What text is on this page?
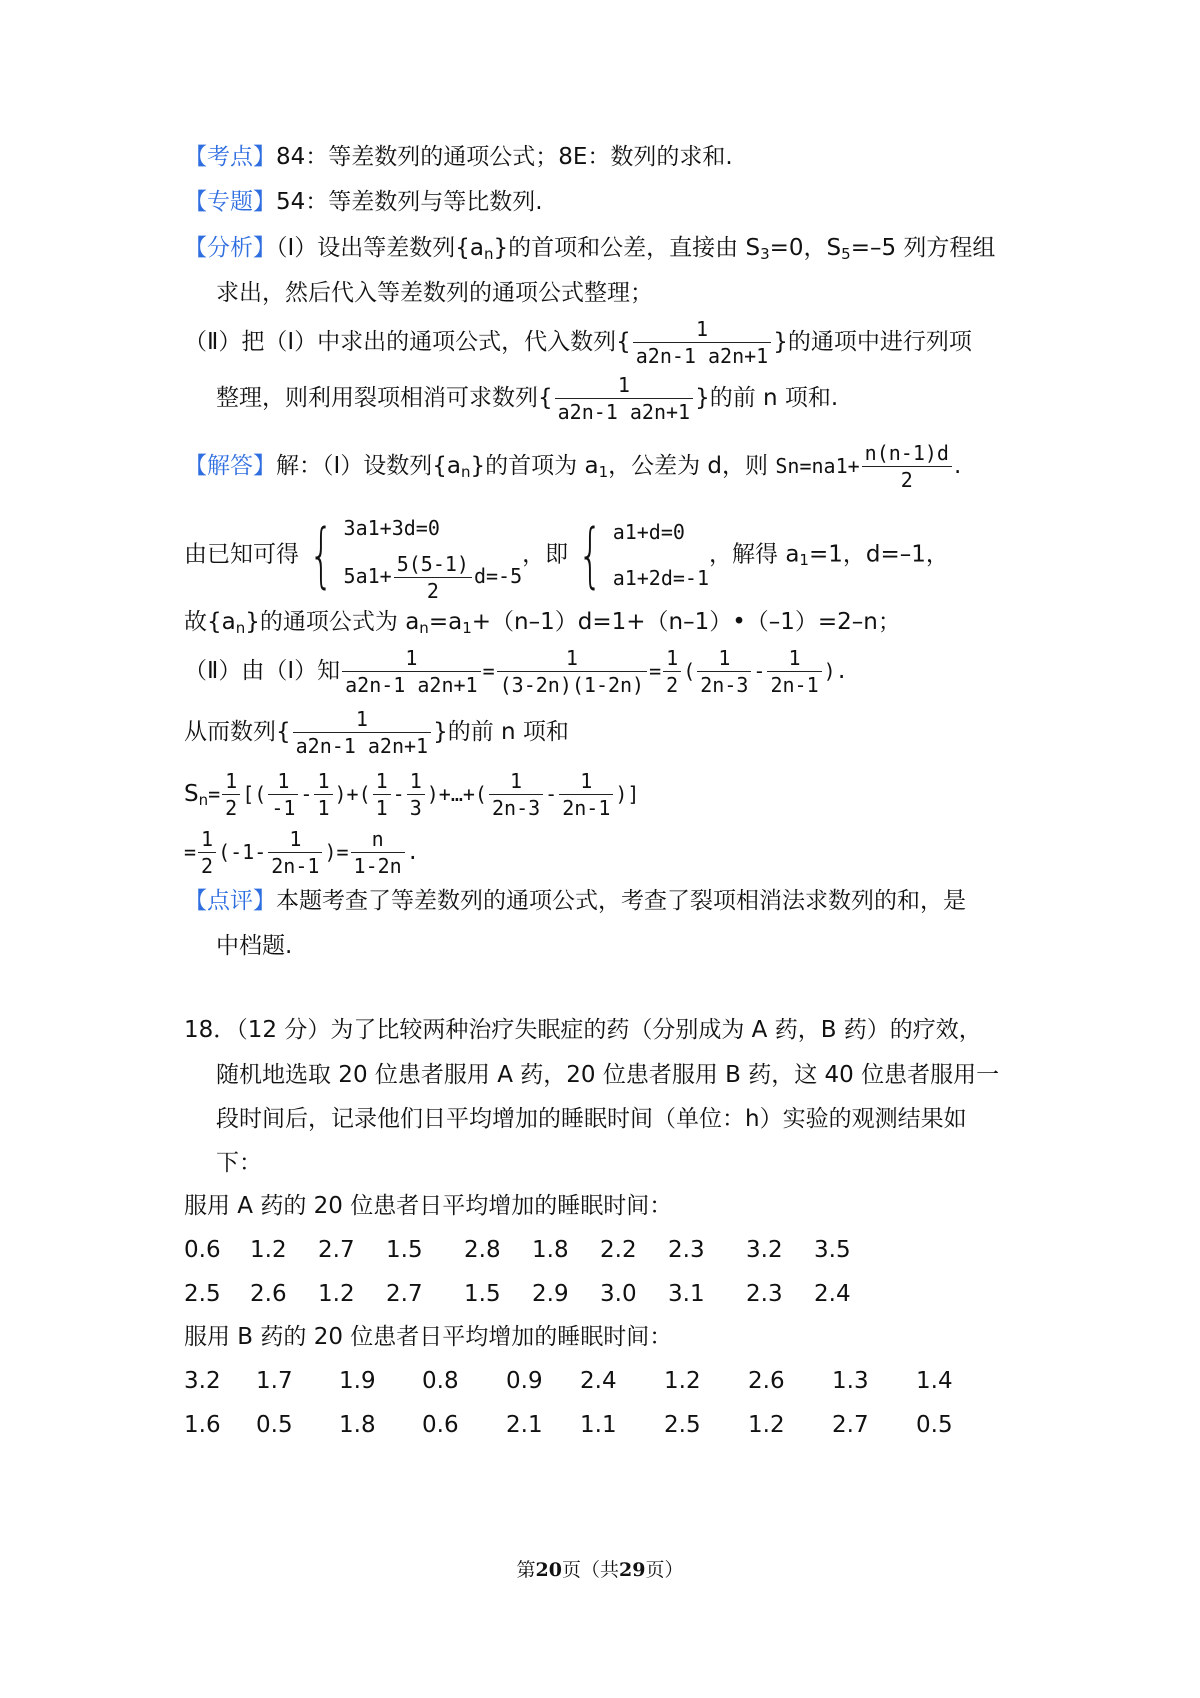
【考点】84：等差数列的通项公式；8E：数列的求和.
【专题】54：等差数列与等比数列.
【分析】（Ⅰ）设出等差数列$\{a_n\}$的首项和公差，直接由 $S_3=0$，$S_5=-5$ 列方程组
求出，然后代入等差数列的通项公式整理；
（Ⅱ）把（Ⅰ）中求出的通项公式，代入数列{ $\frac{1}{a2n-1 a2n+1}$ }的通项中进行列项
整理，则利用裂项相消可求数列{ $\frac{1}{a2n-1 a2n+1}$ }的前 n 项和.
【解答】解：（Ⅰ）设数列$\{a_n\}$的首项为 $a_1$，公差为 d，则 $Sn=na1+ \frac{n(n-1)d}{2}$ .
由已知可得 { 3a1+3d=0
$5a1+ \frac{5(5-1)}{2} d=-5$
，即 { a1+d=0
a1+2d=-1
，解得 $a_1=1$，d=–1，
故$\{a_n\}$的通项公式为 $a_n=a_1+(n-1)d=1+(n-1)•(-1)=2-n$；
（Ⅱ）由（Ⅰ）知 $\frac{1}{a2n-1 a2n+1} = \frac{1}{(3-2n)(1-2n)} = \frac{1}{2}$ ( $\frac{1}{2n-3} - \frac{1}{2n-1}$ ).
从而数列{ $\frac{1}{a2n-1 a2n+1}$ }的前 n 项和
$S_n= \frac{1}{2}$ [( $\frac{1}{-1} - \frac{1}{1}$ )+( $\frac{1}{1} - \frac{1}{3}$ )+…+( $\frac{1}{2n-3} - \frac{1}{2n-1}$ )]
= $\frac{1}{2} (-1- \frac{1}{2n-1}$ )= $\frac{n}{1-2n}$ .
【点评】本题考查了等差数列的通项公式，考查了裂项相消法求数列的和，是
中档题.
18．（12 分）为了比较两种治疗失眠症的药（分别成为 A 药，B 药）的疗效，
随机地选取 20 位患者服用 A 药，20 位患者服用 B 药，这 40 位患者服用一
段时间后，记录他们日平均增加的睡眠时间（单位：h）实验的观测结果如
下：
服用 A 药的 20 位患者日平均增加的睡眠时间：
0.6 1.2 2.7 1.5 2.8 1.8 2.2 2.3 3.2 3.5
2.5 2.6 1.2 2.7 1.5 2.9 3.0 3.1 2.3 2.4
服用 B 药的 20 位患者日平均增加的睡眠时间：
3.2 1.7 1.9 0.8 0.9 2.4 1.2 2.6 1.3 1.4
1.6 0.5 1.8 0.6 2.1 1.1 2.5 1.2 2.7 0.5
第20页（共29页）
